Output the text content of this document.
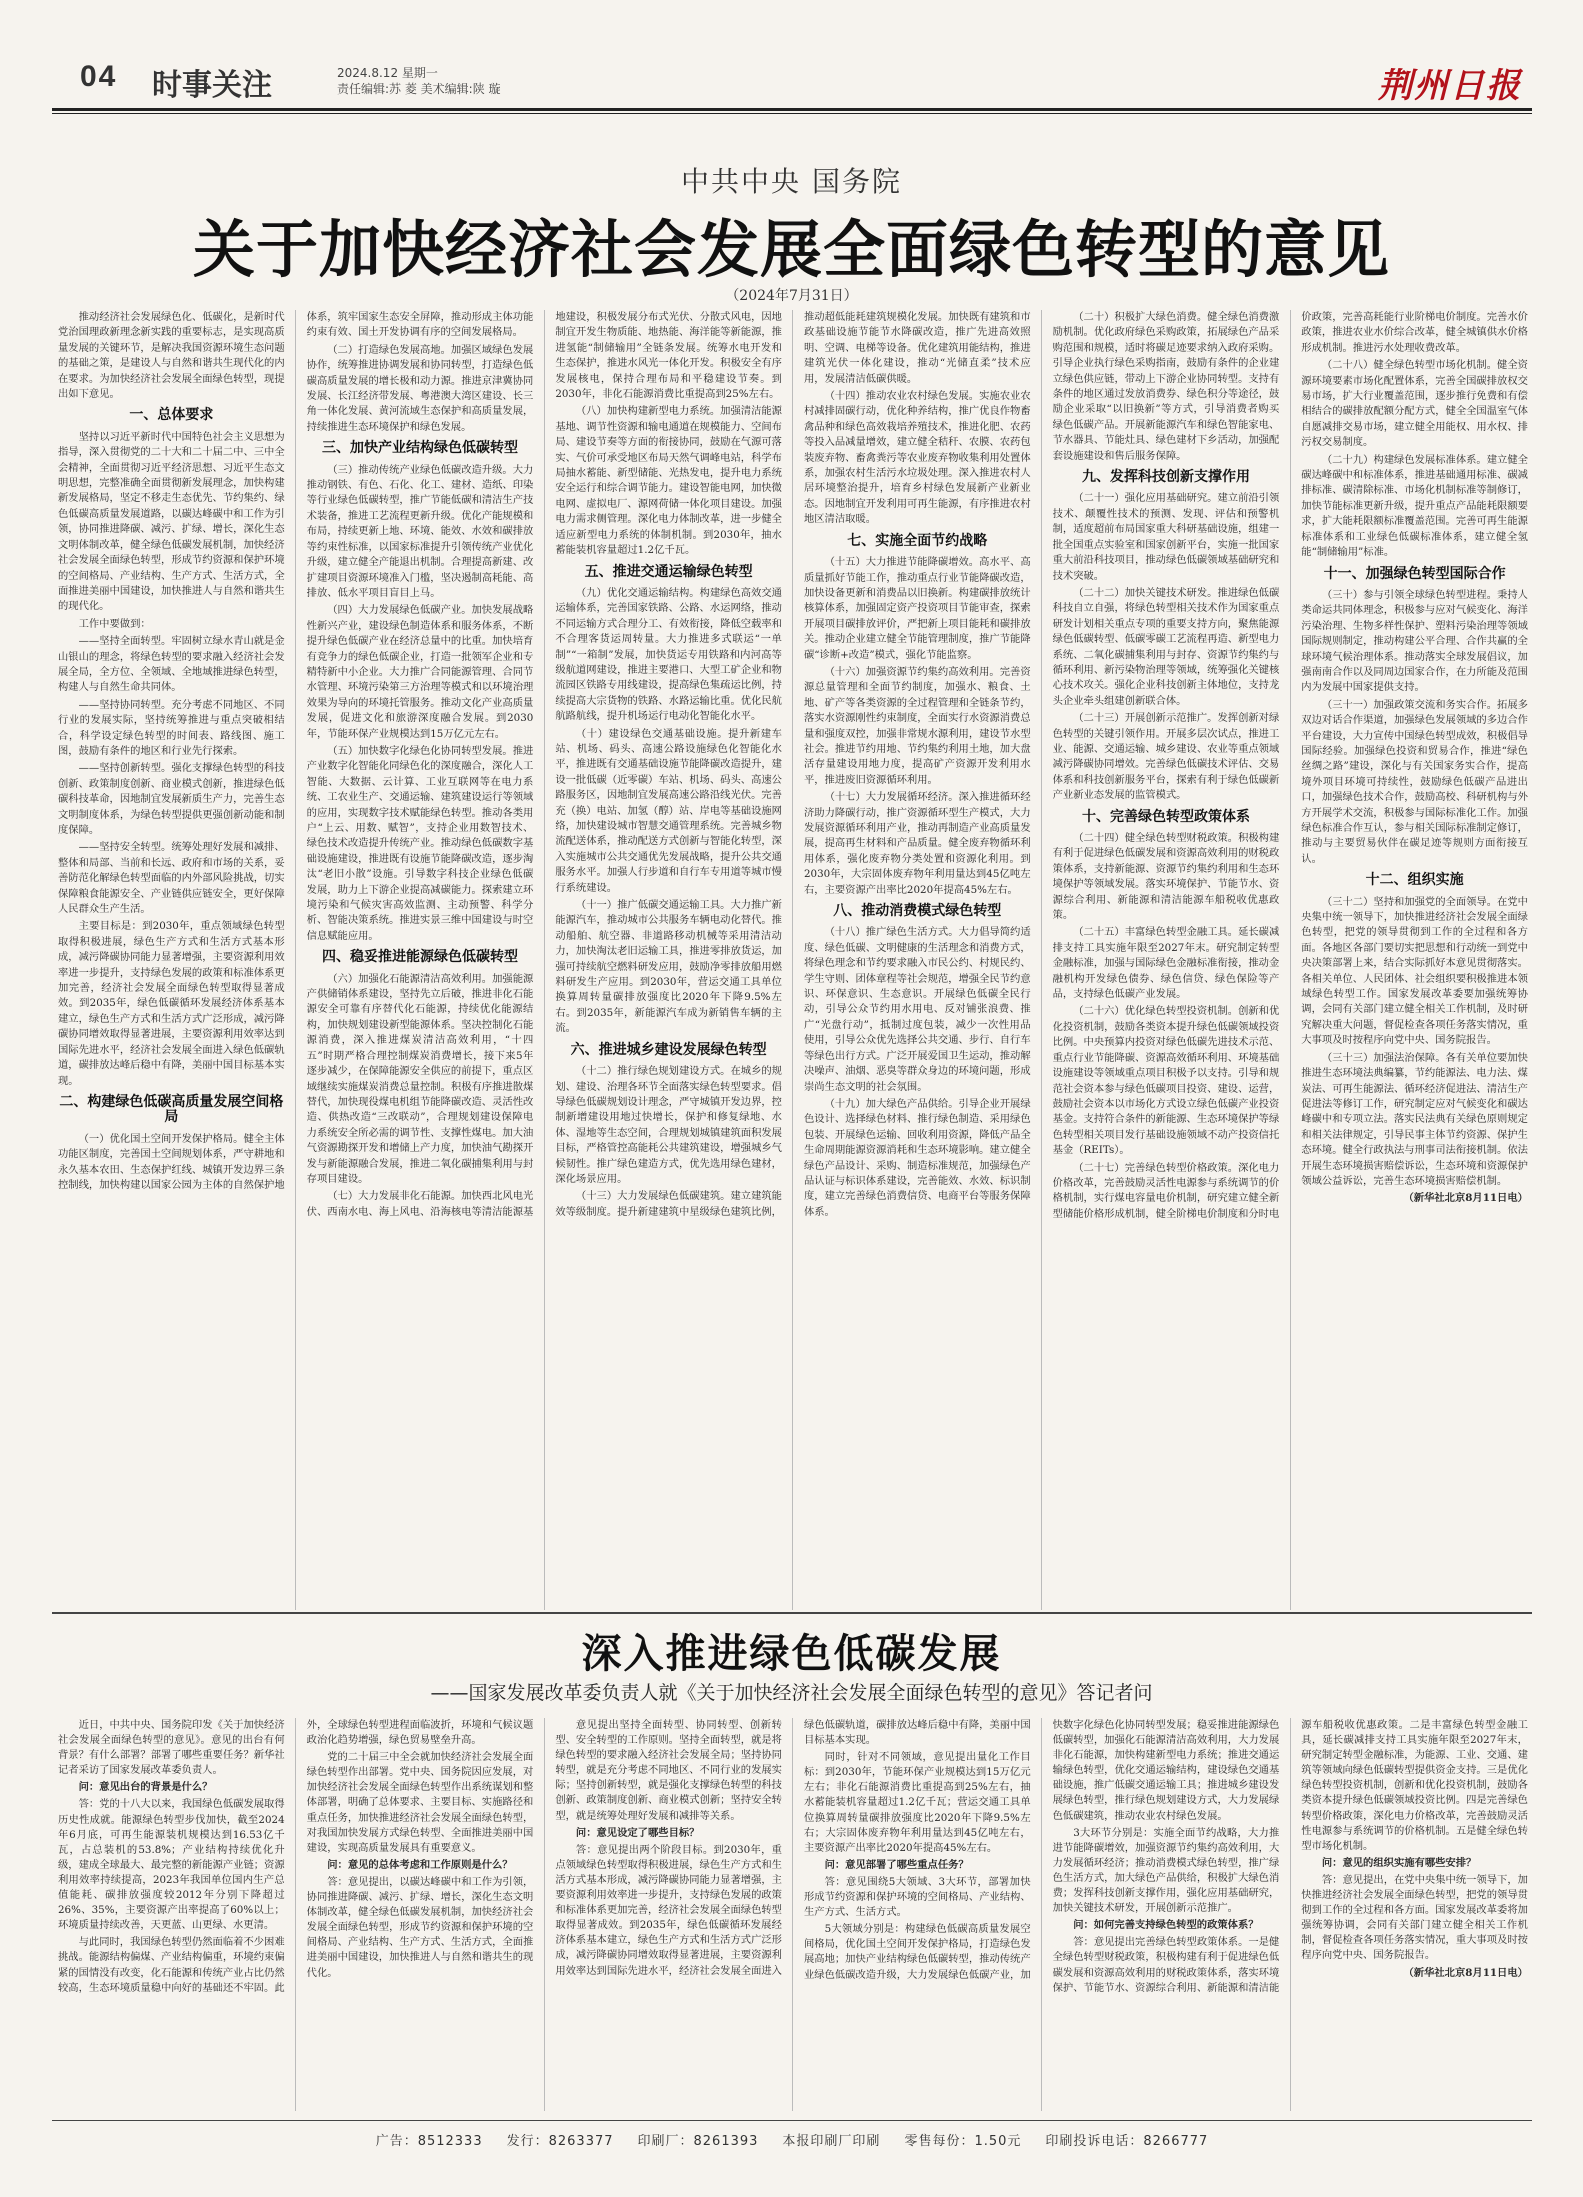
04 时事关注	2024.8.12 星期一
责任编辑:苏 菱 美术编辑:陕 璇	荆州日报
中共中央 国务院
关于加快经济社会发展全面绿色转型的意见
（2024年7月31日）

推动经济社会发展绿色化、低碳化，是新时代党治国理政新理念新实践的重要标志，是实现高质量发展的关键环节，是解决我国资源环境生态问题的基础之策，是建设人与自然和谐共生现代化的内在要求。为加快经济社会发展全面绿色转型，现提出如下意见。

一、总体要求

坚持以习近平新时代中国特色社会主义思想为指导，深入贯彻党的二十大和二十届二中、三中全会精神，全面贯彻习近平经济思想、习近平生态文明思想，完整准确全面贯彻新发展理念，加快构建新发展格局，坚定不移走生态优先、节约集约、绿色低碳高质量发展道路，以碳达峰碳中和工作为引领，协同推进降碳、减污、扩绿、增长，深化生态文明体制改革，健全绿色低碳发展机制，加快经济社会发展全面绿色转型，形成节约资源和保护环境的空间格局、产业结构、生产方式、生活方式，全面推进美丽中国建设，加快推进人与自然和谐共生的现代化。

工作中要做到：

——坚持全面转型。牢固树立绿水青山就是金山银山的理念，将绿色转型的要求融入经济社会发展全局，全方位、全领域、全地域推进绿色转型，构建人与自然生命共同体。

——坚持协同转型。充分考虑不同地区、不同行业的发展实际，坚持统筹推进与重点突破相结合，科学设定绿色转型的时间表、路线图、施工图，鼓励有条件的地区和行业先行探索。

——坚持创新转型。强化支撑绿色转型的科技创新、政策制度创新、商业模式创新，推进绿色低碳科技革命，因地制宜发展新质生产力，完善生态文明制度体系，为绿色转型提供更强创新动能和制度保障。

——坚持安全转型。统筹处理好发展和减排、整体和局部、当前和长远、政府和市场的关系，妥善防范化解绿色转型面临的内外部风险挑战，切实保障粮食能源安全、产业链供应链安全，更好保障人民群众生产生活。

主要目标是：到2030年，重点领域绿色转型取得积极进展，绿色生产方式和生活方式基本形成，减污降碳协同能力显著增强，主要资源利用效率进一步提升，支持绿色发展的政策和标准体系更加完善，经济社会发展全面绿色转型取得显著成效。到2035年，绿色低碳循环发展经济体系基本建立，绿色生产方式和生活方式广泛形成，减污降碳协同增效取得显著进展，主要资源利用效率达到国际先进水平，经济社会发展全面进入绿色低碳轨道，碳排放达峰后稳中有降，美丽中国目标基本实现。

二、构建绿色低碳高质量发展空间格局

（一）优化国土空间开发保护格局。健全主体功能区制度，完善国土空间规划体系，严守耕地和永久基本农田、生态保护红线、城镇开发边界三条控制线，加快构建以国家公园为主体的自然保护地体系，筑牢国家生态安全屏障，推动形成主体功能约束有效、国土开发协调有序的空间发展格局。

（二）打造绿色发展高地。加强区域绿色发展协作，统筹推进协调发展和协同转型，打造绿色低碳高质量发展的增长极和动力源。推进京津冀协同发展、长江经济带发展、粤港澳大湾区建设、长三角一体化发展、黄河流域生态保护和高质量发展，持续推进生态环境保护和绿色发展。

三、加快产业结构绿色低碳转型

（三）推动传统产业绿色低碳改造升级。大力推动钢铁、有色、石化、化工、建材、造纸、印染等行业绿色低碳转型，推广节能低碳和清洁生产技术装备，推进工艺流程更新升级。优化产能规模和布局，持续更新上地、环境、能效、水效和碳排放等约束性标准，以国家标准提升引领传统产业优化升级，建立健全产能退出机制。合理提高新建、改扩建项目资源环境准入门槛，坚决遏制高耗能、高排放、低水平项目盲目上马。

（四）大力发展绿色低碳产业。加快发展战略性新兴产业，建设绿色制造体系和服务体系，不断提升绿色低碳产业在经济总量中的比重。加快培育有竞争力的绿色低碳企业，打造一批领军企业和专精特新中小企业。大力推广合同能源管理、合同节水管理、环境污染第三方治理等模式和以环境治理效果为导向的环境托管服务。推动文化产业高质量发展，促进文化和旅游深度融合发展。到2030年，节能环保产业规模达到15万亿元左右。

（五）加快数字化绿色化协同转型发展。推进产业数字化智能化同绿色化的深度融合，深化人工智能、大数据、云计算、工业互联网等在电力系统、工农业生产、交通运输、建筑建设运行等领域的应用，实现数字技术赋能绿色转型。推动各类用户“上云、用数、赋智”，支持企业用数智技术、绿色技术改造提升传统产业。推动绿色低碳数字基础设施建设，推进既有设施节能降碳改造，逐步淘汰“老旧小散”设施。引导数字科技企业绿色低碳发展，助力上下游企业提高减碳能力。探索建立环境污染和气候灾害高效监测、主动预警、科学分析、智能决策系统。推进实景三维中国建设与时空信息赋能应用。

四、稳妥推进能源绿色低碳转型

（六）加强化石能源清洁高效利用。加强能源产供储销体系建设，坚持先立后破，推进非化石能源安全可靠有序替代化石能源，持续优化能源结构，加快规划建设新型能源体系。坚决控制化石能源消费，深入推进煤炭清洁高效利用，“十四五”时期严格合理控制煤炭消费增长，接下来5年逐步减少，在保障能源安全供应的前提下，重点区域继续实施煤炭消费总量控制。积极有序推进散煤替代，加快现役煤电机组节能降碳改造、灵活性改造、供热改造“三改联动”，合理规划建设保障电力系统安全所必需的调节性、支撑性煤电。加大油气资源勘探开发和增储上产力度，加快油气勘探开发与新能源融合发展，推进二氧化碳捕集利用与封存项目建设。

（七）大力发展非化石能源。加快西北风电光伏、西南水电、海上风电、沿海核电等清洁能源基地建设，积极发展分布式光伏、分散式风电，因地制宜开发生物质能、地热能、海洋能等新能源，推进氢能“制储输用”全链条发展。统筹水电开发和生态保护，推进水风光一体化开发。积极安全有序发展核电，保持合理布局和平稳建设节奏。到2030年，非化石能源消费比重提高到25%左右。

（八）加快构建新型电力系统。加强清洁能源基地、调节性资源和输电通道在规模能力、空间布局、建设节奏等方面的衔接协同，鼓励在气源可落实、气价可承受地区布局天然气调峰电站，科学布局抽水蓄能、新型储能、光热发电，提升电力系统安全运行和综合调节能力。建设智能电网，加快微电网、虚拟电厂、源网荷储一体化项目建设。加强电力需求侧管理。深化电力体制改革，进一步健全适应新型电力系统的体制机制。到2030年，抽水蓄能装机容量超过1.2亿千瓦。

五、推进交通运输绿色转型

（九）优化交通运输结构。构建绿色高效交通运输体系，完善国家铁路、公路、水运网络，推动不同运输方式合理分工、有效衔接，降低空载率和不合理客货运周转量。大力推进多式联运“一单制”“一箱制”发展，加快货运专用铁路和内河高等级航道网建设，推进主要港口、大型工矿企业和物流园区铁路专用线建设，提高绿色集疏运比例，持续提高大宗货物的铁路、水路运输比重。优化民航航路航线，提升机场运行电动化智能化水平。

（十）建设绿色交通基础设施。提升新建车站、机场、码头、高速公路设施绿色化智能化水平，推进既有交通基础设施节能降碳改造提升，建设一批低碳（近零碳）车站、机场、码头、高速公路服务区，因地制宜发展高速公路沿线光伏。完善充（换）电站、加氢（醇）站、岸电等基础设施网络，加快建设城市智慧交通管理系统。完善城乡物流配送体系，推动配送方式创新与智能化转型，深入实施城市公共交通优先发展战略，提升公共交通服务水平。加强人行步道和自行车专用道等城市慢行系统建设。

（十一）推广低碳交通运输工具。大力推广新能源汽车，推动城市公共服务车辆电动化替代。推动船舶、航空器、非道路移动机械等采用清洁动力，加快淘汰老旧运输工具，推进零排放货运，加强可持续航空燃料研发应用，鼓励净零排放船用燃料研发生产应用。到2030年，营运交通工具单位换算周转量碳排放强度比2020年下降9.5%左右。到2035年，新能源汽车成为新销售车辆的主流。

六、推进城乡建设发展绿色转型

（十二）推行绿色规划建设方式。在城乡的规划、建设、治理各环节全面落实绿色转型要求。倡导绿色低碳规划设计理念，严守城镇开发边界，控制新增建设用地过快增长，保护和修复绿地、水体、湿地等生态空间，合理规划城镇建筑面积发展目标，严格管控高能耗公共建筑建设，增强城乡气候韧性。推广绿色建造方式，优先选用绿色建材，深化场景应用。

（十三）大力发展绿色低碳建筑。建立建筑能效等级制度。提升新建建筑中星级绿色建筑比例，推动超低能耗建筑规模化发展。加快既有建筑和市政基础设施节能节水降碳改造，推广先进高效照明、空调、电梯等设备。优化建筑用能结构，推进建筑光伏一体化建设，推动“光储直柔”技术应用，发展清洁低碳供暖。

（十四）推动农业农村绿色发展。实施农业农村减排固碳行动，优化种养结构，推广优良作物畜禽品种和绿色高效栽培养殖技术，推进化肥、农药等投入品减量增效，建立健全秸秆、农膜、农药包装废弃物、畜禽粪污等农业废弃物收集利用处置体系，加强农村生活污水垃圾处理。深入推进农村人居环境整治提升，培育乡村绿色发展新产业新业态。因地制宜开发利用可再生能源，有序推进农村地区清洁取暖。

七、实施全面节约战略

（十五）大力推进节能降碳增效。高水平、高质量抓好节能工作，推动重点行业节能降碳改造，加快设备更新和消费品以旧换新。构建碳排放统计核算体系，加强固定资产投资项目节能审查，探索开展项目碳排放评价，严把新上项目能耗和碳排放关。推动企业建立健全节能管理制度，推广节能降碳“诊断+改造”模式，强化节能监察。

（十六）加强资源节约集约高效利用。完善资源总量管理和全面节约制度，加强水、粮食、土地、矿产等各类资源的全过程管理和全链条节约，落实水资源刚性约束制度，全面实行水资源消费总量和强度双控，加强非常规水源利用，建设节水型社会。推进节约用地、节约集约利用土地，加大盘活存量建设用地力度，提高矿产资源开发利用水平，推进废旧资源循环利用。

（十七）大力发展循环经济。深入推进循环经济助力降碳行动，推广资源循环型生产模式，大力发展资源循环利用产业，推动再制造产业高质量发展，提高再生材料和产品质量。健全废弃物循环利用体系，强化废弃物分类处置和资源化利用。到2030年，大宗固体废弃物年利用量达到45亿吨左右，主要资源产出率比2020年提高45%左右。

八、推动消费模式绿色转型

（十八）推广绿色生活方式。大力倡导简约适度、绿色低碳、文明健康的生活理念和消费方式，将绿色理念和节约要求融入市民公约、村规民约、学生守则、团体章程等社会规范，增强全民节约意识、环保意识、生态意识。开展绿色低碳全民行动，引导公众节约用水用电、反对铺张浪费、推广“光盘行动”，抵制过度包装，减少一次性用品使用，引导公众优先选择公共交通、步行、自行车等绿色出行方式。广泛开展爱国卫生运动，推动解决噪声、油烟、恶臭等群众身边的环境问题，形成崇尚生态文明的社会氛围。

（十九）加大绿色产品供给。引导企业开展绿色设计、选择绿色材料、推行绿色制造、采用绿色包装、开展绿色运输、回收利用资源，降低产品全生命周期能源资源消耗和生态环境影响。建立健全绿色产品设计、采购、制造标准规范，加强绿色产品认证与标识体系建设，完善能效、水效、标识制度，建立完善绿色消费信贷、电商平台等服务保障体系。

（二十）积极扩大绿色消费。健全绿色消费激励机制。优化政府绿色采购政策，拓展绿色产品采购范围和规模，适时将碳足迹要求纳入政府采购。引导企业执行绿色采购指南，鼓励有条件的企业建立绿色供应链，带动上下游企业协同转型。支持有条件的地区通过发放消费券、绿色积分等途径，鼓励企业采取“以旧换新”等方式，引导消费者购买绿色低碳产品。开展新能源汽车和绿色智能家电、节水器具、节能灶具、绿色建材下乡活动，加强配套设施建设和售后服务保障。

九、发挥科技创新支撑作用

（二十一）强化应用基础研究。建立前沿引领技术、颠覆性技术的预测、发现、评估和预警机制，适度超前布局国家重大科研基础设施，组建一批全国重点实验室和国家创新平台，实施一批国家重大前沿科技项目，推动绿色低碳领域基础研究和技术突破。

（二十二）加快关键技术研发。推进绿色低碳科技自立自强，将绿色转型相关技术作为国家重点研发计划相关重点专项的重要支持方向，聚焦能源绿色低碳转型、低碳零碳工艺流程再造、新型电力系统、二氧化碳捕集利用与封存、资源节约集约与循环利用、新污染物治理等领域，统筹强化关键核心技术攻关。强化企业科技创新主体地位，支持龙头企业牵头组建创新联合体。

（二十三）开展创新示范推广。发挥创新对绿色转型的关键引领作用。开展多层次试点，推进工业、能源、交通运输、城乡建设、农业等重点领域减污降碳协同增效。完善绿色低碳技术评估、交易体系和科技创新服务平台，探索有利于绿色低碳新产业新业态发展的监管模式。

十、完善绿色转型政策体系

（二十四）健全绿色转型财税政策。积极构建有利于促进绿色低碳发展和资源高效利用的财税政策体系，支持新能源、资源节约集约利用和生态环境保护等领域发展。落实环境保护、节能节水、资源综合利用、新能源和清洁能源车船税收优惠政策。

（二十五）丰富绿色转型金融工具。延长碳减排支持工具实施年限至2027年末。研究制定转型金融标准，加强与国际绿色金融标准衔接，推动金融机构开发绿色债券、绿色信贷、绿色保险等产品，支持绿色低碳产业发展。

（二十六）优化绿色转型投资机制。创新和优化投资机制，鼓励各类资本提升绿色低碳领域投资比例。中央预算内投资对绿色低碳先进技术示范、重点行业节能降碳、资源高效循环利用、环境基础设施建设等领域重点项目积极予以支持。引导和规范社会资本参与绿色低碳项目投资、建设、运营，鼓励社会资本以市场化方式设立绿色低碳产业投资基金。支持符合条件的新能源、生态环境保护等绿色转型相关项目发行基础设施领域不动产投资信托基金（REITs）。

（二十七）完善绿色转型价格政策。深化电力价格改革，完善鼓励灵活性电源参与系统调节的价格机制，实行煤电容量电价机制，研究建立健全新型储能价格形成机制，健全阶梯电价制度和分时电价政策，完善高耗能行业阶梯电价制度。完善水价政策，推进农业水价综合改革，健全城镇供水价格形成机制。推进污水处理收费改革。

（二十八）健全绿色转型市场化机制。健全资源环境要素市场化配置体系，完善全国碳排放权交易市场，扩大行业覆盖范围，逐步推行免费和有偿相结合的碳排放配额分配方式，健全全国温室气体自愿减排交易市场，建立健全用能权、用水权、排污权交易制度。

（二十九）构建绿色发展标准体系。建立健全碳达峰碳中和标准体系，推进基础通用标准、碳减排标准、碳清除标准、市场化机制标准等制修订，加快节能标准更新升级，提升重点产品能耗限额要求，扩大能耗限额标准覆盖范围。完善可再生能源标准体系和工业绿色低碳标准体系，建立健全氢能“制储输用”标准。

十一、加强绿色转型国际合作

（三十）参与引领全球绿色转型进程。秉持人类命运共同体理念，积极参与应对气候变化、海洋污染治理、生物多样性保护、塑料污染治理等领域国际规则制定，推动构建公平合理、合作共赢的全球环境气候治理体系。推动落实全球发展倡议，加强南南合作以及同周边国家合作，在力所能及范围内为发展中国家提供支持。

（三十一）加强政策交流和务实合作。拓展多双边对话合作渠道，加强绿色发展领域的多边合作平台建设，大力宣传中国绿色转型成效，积极倡导国际经验。加强绿色投资和贸易合作，推进“绿色丝绸之路”建设，深化与有关国家务实合作，提高境外项目环境可持续性，鼓励绿色低碳产品进出口，加强绿色技术合作，鼓励高校、科研机构与外方开展学术交流，积极参与国际标准化工作。加强绿色标准合作互认，参与相关国际标准制定修订，推动与主要贸易伙伴在碳足迹等规则方面衔接互认。

十二、组织实施

（三十二）坚持和加强党的全面领导。在党中央集中统一领导下，加快推进经济社会发展全面绿色转型，把党的领导贯彻到工作的全过程和各方面。各地区各部门要切实把思想和行动统一到党中央决策部署上来，结合实际抓好本意见贯彻落实。各相关单位、人民团体、社会组织要积极推进本领域绿色转型工作。国家发展改革委要加强统筹协调，会同有关部门建立健全相关工作机制，及时研究解决重大问题，督促检查各项任务落实情况，重大事项及时按程序向党中央、国务院报告。

（三十三）加强法治保障。各有关单位要加快推进生态环境法典编纂，节约能源法、电力法、煤炭法、可再生能源法、循环经济促进法、清洁生产促进法等修订工作，研究制定应对气候变化和碳达峰碳中和专项立法。落实民法典有关绿色原则规定和相关法律规定，引导民事主体节约资源、保护生态环境。健全行政执法与刑事司法衔接机制。依法开展生态环境损害赔偿诉讼，生态环境和资源保护领域公益诉讼，完善生态环境损害赔偿机制。

（新华社北京8月11日电）

深入推进绿色低碳发展
——国家发展改革委负责人就《关于加快经济社会发展全面绿色转型的意见》答记者问

近日，中共中央、国务院印发《关于加快经济社会发展全面绿色转型的意见》。意见的出台有何背景？有什么部署？部署了哪些重要任务？新华社记者采访了国家发展改革委负责人。

问：意见出台的背景是什么？

答：党的十八大以来，我国绿色低碳发展取得历史性成就。能源绿色转型步伐加快，截至2024年6月底，可再生能源装机规模达到16.53亿千瓦，占总装机的53.8%；产业结构持续优化升级，建成全球最大、最完整的新能源产业链；资源利用效率持续提高，2023年我国单位国内生产总值能耗、碳排放强度较2012年分别下降超过26%、35%，主要资源产出率提高了60%以上；环境质量持续改善，天更蓝、山更绿、水更清。

与此同时，我国绿色转型仍然面临着不少困难挑战。能源结构偏煤、产业结构偏重，环境约束偏紧的国情没有改变，化石能源和传统产业占比仍然较高，生态环境质量稳中向好的基础还不牢固。此外，全球绿色转型进程面临波折，环境和气候议题政治化趋势增强，绿色贸易壁垒升高。

党的二十届三中全会就加快经济社会发展全面绿色转型作出部署。党中央、国务院因应发展，对加快经济社会发展全面绿色转型作出系统谋划和整体部署，明确了总体要求、主要目标、实施路径和重点任务，加快推进经济社会发展全面绿色转型，对我国加快发展方式绿色转型、全面推进美丽中国建设，实现高质量发展具有重要意义。

问：意见的总体考虑和工作原则是什么？

答：意见提出，以碳达峰碳中和工作为引领，协同推进降碳、减污、扩绿、增长，深化生态文明体制改革，健全绿色低碳发展机制，加快经济社会发展全面绿色转型，形成节约资源和保护环境的空间格局、产业结构、生产方式、生活方式，全面推进美丽中国建设，加快推进人与自然和谐共生的现代化。

意见提出坚持全面转型、协同转型、创新转型、安全转型的工作原则。坚持全面转型，就是将绿色转型的要求融入经济社会发展全局；坚持协同转型，就是充分考虑不同地区、不同行业的发展实际；坚持创新转型，就是强化支撑绿色转型的科技创新、政策制度创新、商业模式创新；坚持安全转型，就是统筹处理好发展和减排等关系。

问：意见设定了哪些目标？

答：意见提出两个阶段目标。到2030年，重点领域绿色转型取得积极进展，绿色生产方式和生活方式基本形成，减污降碳协同能力显著增强，主要资源利用效率进一步提升，支持绿色发展的政策和标准体系更加完善，经济社会发展全面绿色转型取得显著成效。到2035年，绿色低碳循环发展经济体系基本建立，绿色生产方式和生活方式广泛形成，减污降碳协同增效取得显著进展，主要资源利用效率达到国际先进水平，经济社会发展全面进入绿色低碳轨道，碳排放达峰后稳中有降，美丽中国目标基本实现。

同时，针对不同领域，意见提出量化工作目标：到2030年，节能环保产业规模达到15万亿元左右；非化石能源消费比重提高到25%左右，抽水蓄能装机容量超过1.2亿千瓦；营运交通工具单位换算周转量碳排放强度比2020年下降9.5%左右；大宗固体废弃物年利用量达到45亿吨左右，主要资源产出率比2020年提高45%左右。

问：意见部署了哪些重点任务？

答：意见围绕5大领域、3大环节，部署加快形成节约资源和保护环境的空间格局、产业结构、生产方式、生活方式。

5大领域分别是：构建绿色低碳高质量发展空间格局，优化国土空间开发保护格局，打造绿色发展高地；加快产业结构绿色低碳转型，推动传统产业绿色低碳改造升级，大力发展绿色低碳产业，加快数字化绿色化协同转型发展；稳妥推进能源绿色低碳转型，加强化石能源清洁高效利用，大力发展非化石能源，加快构建新型电力系统；推进交通运输绿色转型，优化交通运输结构，建设绿色交通基础设施，推广低碳交通运输工具；推进城乡建设发展绿色转型，推行绿色规划建设方式，大力发展绿色低碳建筑，推动农业农村绿色发展。

3大环节分别是：实施全面节约战略，大力推进节能降碳增效，加强资源节约集约高效利用，大力发展循环经济；推动消费模式绿色转型，推广绿色生活方式，加大绿色产品供给，积极扩大绿色消费；发挥科技创新支撑作用，强化应用基础研究，加快关键技术研发，开展创新示范推广。

问：如何完善支持绿色转型的政策体系？

答：意见提出完善绿色转型政策体系。一是健全绿色转型财税政策，积极构建有利于促进绿色低碳发展和资源高效利用的财税政策体系，落实环境保护、节能节水、资源综合利用、新能源和清洁能源车船税收优惠政策。二是丰富绿色转型金融工具，延长碳减排支持工具实施年限至2027年末，研究制定转型金融标准，为能源、工业、交通、建筑等领域向绿色低碳转型提供资金支持。三是优化绿色转型投资机制，创新和优化投资机制，鼓励各类资本提升绿色低碳领域投资比例。四是完善绿色转型价格政策，深化电力价格改革，完善鼓励灵活性电源参与系统调节的价格机制。五是健全绿色转型市场化机制。

问：意见的组织实施有哪些安排？

答：意见提出，在党中央集中统一领导下，加快推进经济社会发展全面绿色转型，把党的领导贯彻到工作的全过程和各方面。国家发展改革委将加强统筹协调，会同有关部门建立健全相关工作机制，督促检查各项任务落实情况，重大事项及时按程序向党中央、国务院报告。

（新华社北京8月11日电）

广告：8512333 发行：8263377 印刷厂：8261393 本报印刷厂印刷 零售每份：1.50元 印刷投诉电话：8266777
